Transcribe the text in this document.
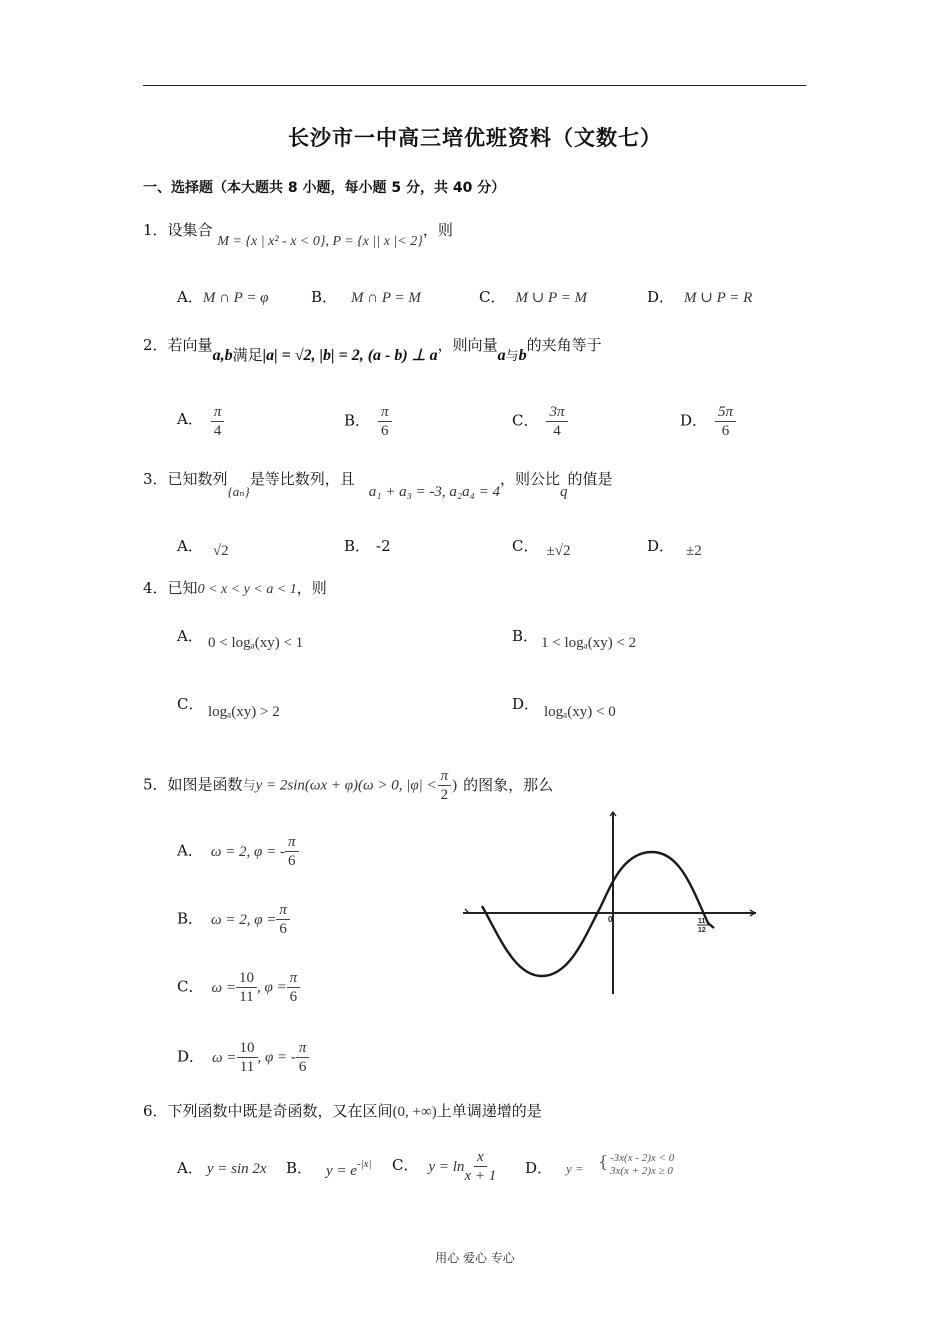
长沙市一中高三培优班资料（文数七）
一、选择题（本大题共 8 小题，每小题 5 分，共 40 分）
1．设集合 M = {x | x² - x < 0}, P = {x || x |< 2}，则
A．M ∩ P = φ	B． M ∩ P = M	C． M ∪ P = M	D． M ∪ P = R
2．若向量a,b满足|a| = √2, |b| = 2, (a - b) ⊥ a，则向量a与b的夹角等于
A． $\frac{\pi}{4}$	B． $\frac{\pi}{6}$	C． $\frac{3\pi}{4}$	D． $\frac{5\pi}{6}$
3．已知数列{aₙ}是等比数列，且a₁ + a₃ = -3, a₂a₄ = 4，则公比q的值是
A． √2	B． -2	C． ±√2	D． ±2
4．已知0 < x < y < a < 1，则
A． 0 < logₐ(xy) < 1	B． 1 < logₐ(xy) < 2
C． logₐ(xy) > 2	D． logₐ(xy) < 0
5．如图是函数与y = 2sin(ωx + φ)(ω > 0, $|\varphi| < \frac{\pi}{2}$ ) 的图象，那么
A． ω = 2, φ = - $\frac{\pi}{6}$
B． ω = 2, $\varphi = \frac{\pi}{6}$
C． $\omega = \frac{10}{11}$ , $\varphi = \frac{\pi}{6}$
D． $\omega = \frac{10}{11}$ , φ = - $\frac{\pi}{6}$
0	11
12
6．下列函数中既是奇函数，又在区间(0, +∞)上单调递增的是
A． y = sin 2x B． $y = e^{-|x|}$ C． $y = \ln \frac{x}{x + 1}$ D． y = { -3x(x - 2)x < 0
3x(x + 2)x ≥ 0
用心 爱心 专心
